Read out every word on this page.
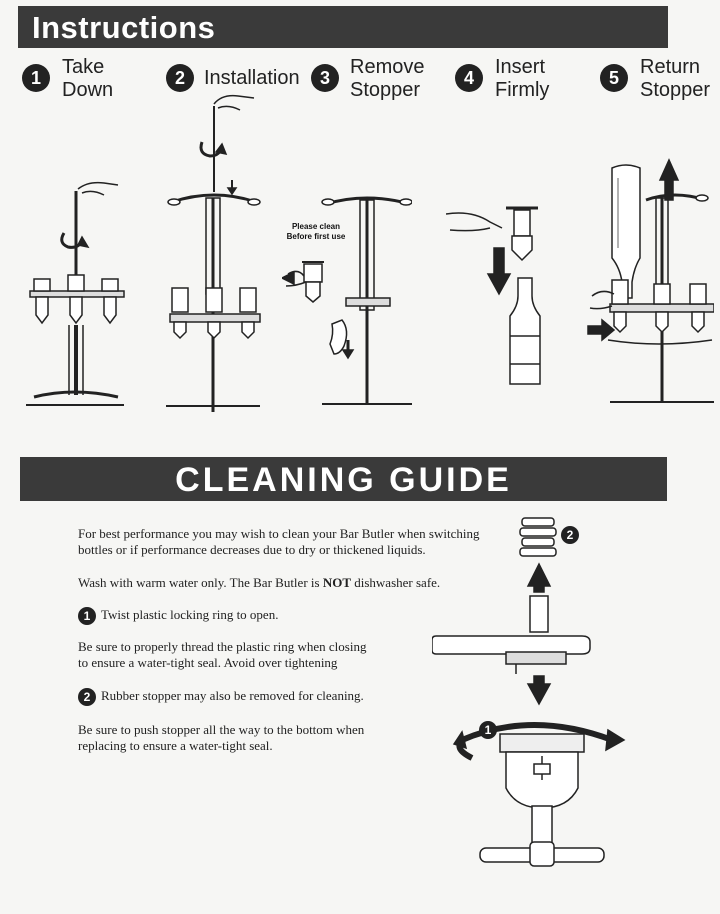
Instructions
1	Take
Down
2 Installation	3	Remove
Stopper
4	Insert
Firmly
5	Return
Stopper
Please clean
Before first use
CLEANING GUIDE
For best performance you may wish to clean your Bar Butler when switching
bottles or if performance decreases due to dry or thickened liquids.
Wash with warm water only. The Bar Butler is NOT dishwasher safe.
1 Twist plastic locking ring to open.
Be sure to properly thread the plastic ring when closing
to ensure a water-tight seal. Avoid over tightening
2 Rubber stopper may also be removed for cleaning.
Be sure to push stopper all the way to the bottom when
replacing to ensure a water-tight seal.
1
2
